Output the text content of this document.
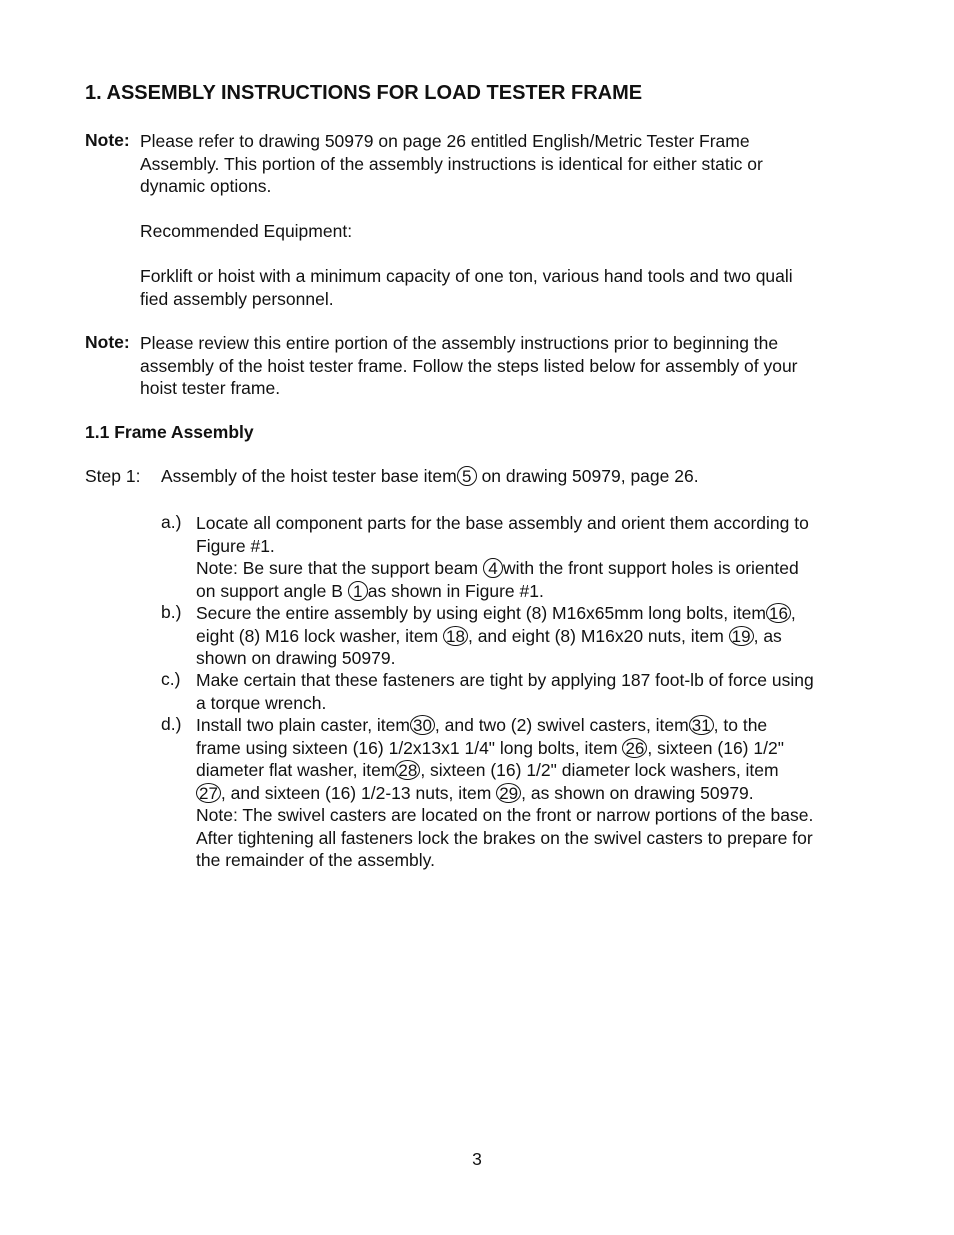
1. ASSEMBLY INSTRUCTIONS FOR LOAD TESTER FRAME
Note: Please refer to drawing 50979 on page 26 entitled English/Metric Tester Frame
Assembly. This portion of the assembly instructions is identical for either static or
dynamic options.
Recommended Equipment:
Forklift or hoist with a minimum capacity of one ton, various hand tools and two quali
fied assembly personnel.
Note: Please review this entire portion of the assembly instructions prior to beginning the
assembly of the hoist tester frame. Follow the steps listed below for assembly of your
hoist tester frame.
1.1 Frame Assembly
Step 1: Assembly of the hoist tester base item 5 on drawing 50979, page 26.
a.) Locate all component parts for the base assembly and orient them according to
Figure #1.
Note: Be sure that the support beam 4 with the front support holes is oriented
on support angle B 1 as shown in Figure #1.
b.) Secure the entire assembly by using eight (8) M16x65mm long bolts, item 16 ,
eight (8) M16 lock washer, item 18 , and eight (8) M16x20 nuts, item 19 , as
shown on drawing 50979.
c.) Make certain that these fasteners are tight by applying 187 foot-lb of force using
a torque wrench.
d.) Install two plain caster, item 30 , and two (2) swivel casters, item 31 , to the
frame using sixteen (16) 1/2x13x1 1/4" long bolts, item 26 , sixteen (16) 1/2"
diameter flat washer, item 28 , sixteen (16) 1/2" diameter lock washers, item
27 , and sixteen (16) 1/2-13 nuts, item 29 , as shown on drawing 50979.
Note: The swivel casters are located on the front or narrow portions of the base.
After tightening all fasteners lock the brakes on the swivel casters to prepare for
the remainder of the assembly.
3
